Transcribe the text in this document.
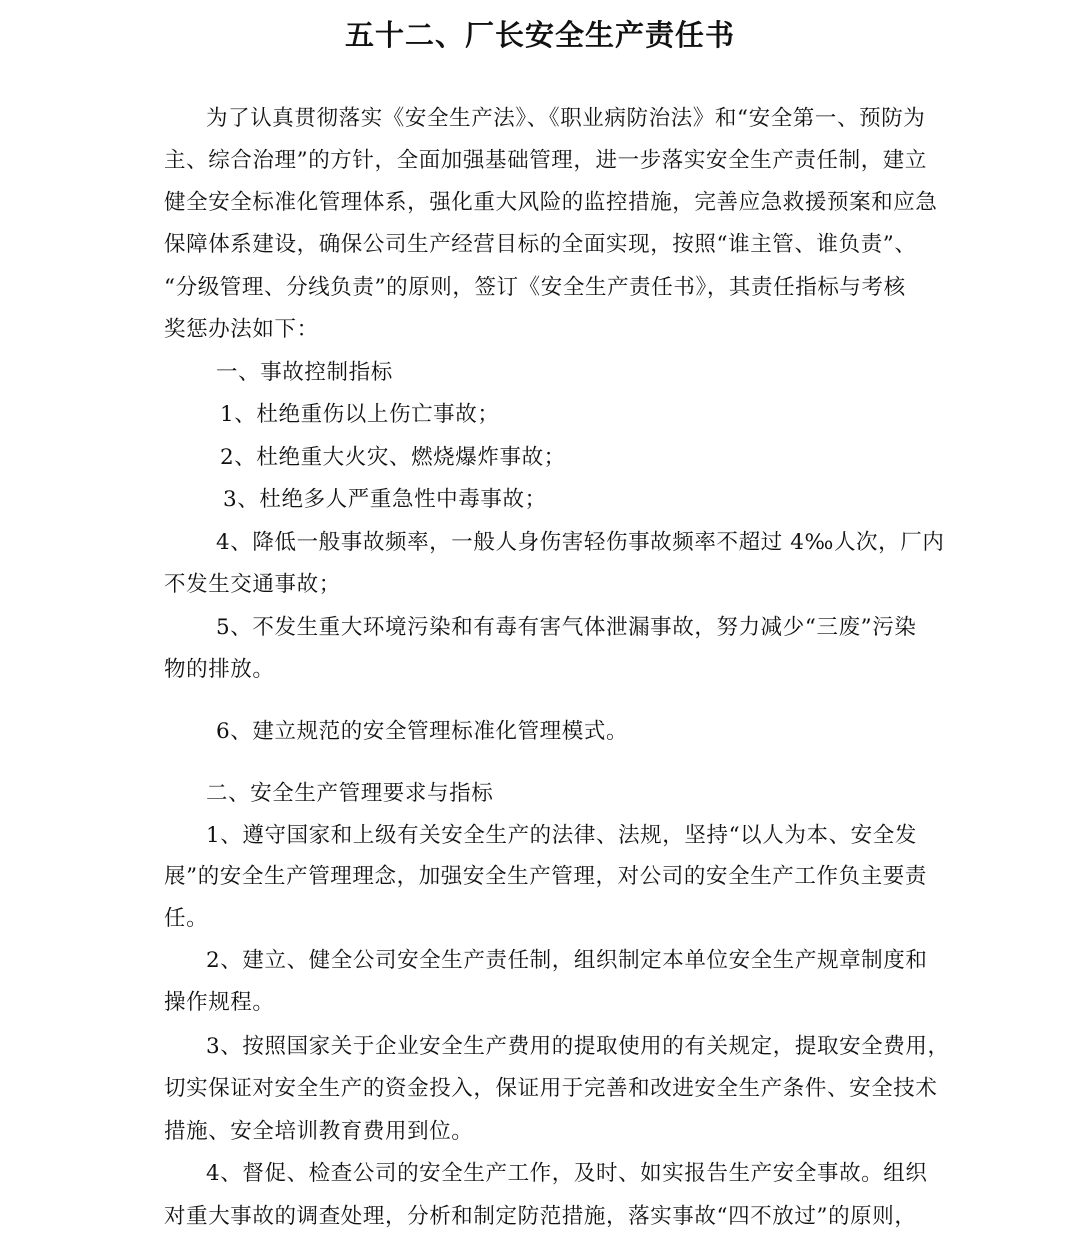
五十二、厂长安全生产责任书
为了认真贯彻落实《安全生产法》、《职业病防治法》和“安全第一、预防为
主、综合治理”的方针，全面加强基础管理，进一步落实安全生产责任制，建立
健全安全标准化管理体系，强化重大风险的监控措施，完善应急救援预案和应急
保障体系建设，确保公司生产经营目标的全面实现，按照“谁主管、谁负责”、
“分级管理、分线负责”的原则，签订《安全生产责任书》，其责任指标与考核
奖惩办法如下：
一、事故控制指标
1、杜绝重伤以上伤亡事故；
2、杜绝重大火灾、燃烧爆炸事故；
3、杜绝多人严重急性中毒事故；
4、降低一般事故频率，一般人身伤害轻伤事故频率不超过 4‰人次，厂内
不发生交通事故；
5、不发生重大环境污染和有毒有害气体泄漏事故，努力减少“三废”污染
物的排放。
6、建立规范的安全管理标准化管理模式。
二、安全生产管理要求与指标
1、遵守国家和上级有关安全生产的法律、法规，坚持“以人为本、安全发
展”的安全生产管理理念，加强安全生产管理，对公司的安全生产工作负主要责
任。
2、建立、健全公司安全生产责任制，组织制定本单位安全生产规章制度和
操作规程。
3、按照国家关于企业安全生产费用的提取使用的有关规定，提取安全费用，
切实保证对安全生产的资金投入，保证用于完善和改进安全生产条件、安全技术
措施、安全培训教育费用到位。
4、督促、检查公司的安全生产工作，及时、如实报告生产安全事故。组织
对重大事故的调查处理，分析和制定防范措施，落实事故“四不放过”的原则，
